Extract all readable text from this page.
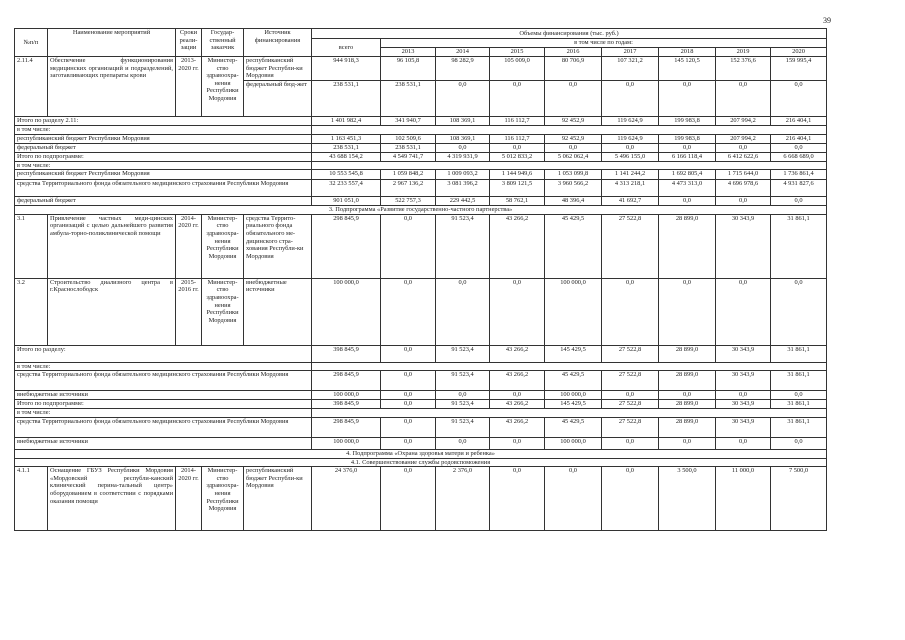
39
№п/п	Наименование мероприятий	Сроки реали-зации	Государ-ственный заказчик	Источник финансирования	Объемы финансирования (тыс. руб.)								
					всего	в том числе по годам:							
						2013	2014	2015	2016	2017	2018	2019	2020
2.11.4	Обеспечение функционирования медицинских организаций и подразделений, заготавливающих препараты крови	2013-2020 гг.	Министер-ство здравоохра-нения Республики Мордовия	республиканский бюджет Республи-ки Мордовия	944 918,3	96 105,8	98 282,9	105 009,0	80 706,9	107 321,2	145 120,5	152 376,6	159 995,4
				федеральный бюд-жет	238 531,1	238 531,1	0,0	0,0	0,0	0,0	0,0	0,0	0,0
Итого по разделу 2.11:					1 401 982,4	341 940,7	108 369,1	116 112,7	92 452,9	119 624,9	199 983,8	207 994,2	216 404,1
в том числе:													
республиканский бюджет Республики Мордовия					1 163 451,3	102 509,6	108 369,1	116 112,7	92 452,9	119 624,9	199 983,8	207 994,2	216 404,1
федеральный бюджет					238 531,1	238 531,1	0,0	0,0	0,0	0,0	0,0	0,0	0,0
Итого по подпрограмме:					43 688 154,2	4 549 741,7	4 319 931,9	5 012 833,2	5 062 062,4	5 496 155,0	6 166 118,4	6 412 622,6	6 668 689,0
в том числе:													
республиканский бюджет Республики Мордовия					10 553 545,8	1 059 848,2	1 009 093,2	1 144 949,6	1 053 099,8	1 141 244,2	1 692 805,4	1 715 644,0	1 736 861,4
средства Территориального фонда обязательного медицинского страхования Республики Мордовия					32 233 557,4	2 967 136,2	3 081 396,2	3 809 121,5	3 960 566,2	4 313 218,1	4 473 313,0	4 696 978,6	4 931 827,6
федеральный бюджет					901 051,0	522 757,3	229 442,5	58 762,1	48 396,4	41 692,7	0,0	0,0	0,0
3. Подпрограмма «Развитие государственно-частного партнерства»													
3.1	Привлечение частных меди-цинских организаций с целью дальнейшего развития амбула-торно-поликлинической помощи	2014-2020 гг.	Министер-ство здравоохра-нения Республики Мордовия	средства Террито-риального фонда обязательного ме-дицинского стра-хования Республи-ки Мордовия	298 845,9	0,0	91 523,4	43 266,2	45 429,5	27 522,8	28 899,0	30 343,9	31 861,1
3.2	Строительство диализного центра в г.Краснослободск	2015-2016 гг.	Министер-ство здравоохра-нения Республики Мордовия	внебюджетные источники	100 000,0	0,0	0,0	0,0	100 000,0	0,0	0,0	0,0	0,0
Итого по разделу:					398 845,9	0,0	91 523,4	43 266,2	145 429,5	27 522,8	28 899,0	30 343,9	31 861,1
в том числе:													
средства Территориального фонда обязательного медицинского страхования Республики Мордовия					298 845,9	0,0	91 523,4	43 266,2	45 429,5	27 522,8	28 899,0	30 343,9	31 861,1
внебюджетные источники					100 000,0	0,0	0,0	0,0	100 000,0	0,0	0,0	0,0	0,0
Итого по подпрограмме:					398 845,9	0,0	91 523,4	43 266,2	145 429,5	27 522,8	28 899,0	30 343,9	31 861,1
в том числе:													
средства Территориального фонда обязательного медицинского страхования Республики Мордовия					298 845,9	0,0	91 523,4	43 266,2	45 429,5	27 522,8	28 899,0	30 343,9	31 861,1
внебюджетные источники					100 000,0	0,0	0,0	0,0	100 000,0	0,0	0,0	0,0	0,0
4. Подпрограмма «Охрана здоровья матери и ребенка»													
4.1. Совершенствование службы родовспоможения													
4.1.1	Оснащение ГБУЗ Республики Мордовия «Мордовский республи-канский клинический перина-тальный центр» оборудованием в соответствии с порядками оказания помощи	2014-2020 гг.	Министер-ство здравоохра-нения Республики Мордовия	республиканский бюджет Республи-ки Мордовия	24 376,0	0,0	2 376,0	0,0	0,0	0,0	3 500,0	11 000,0	7 500,0
